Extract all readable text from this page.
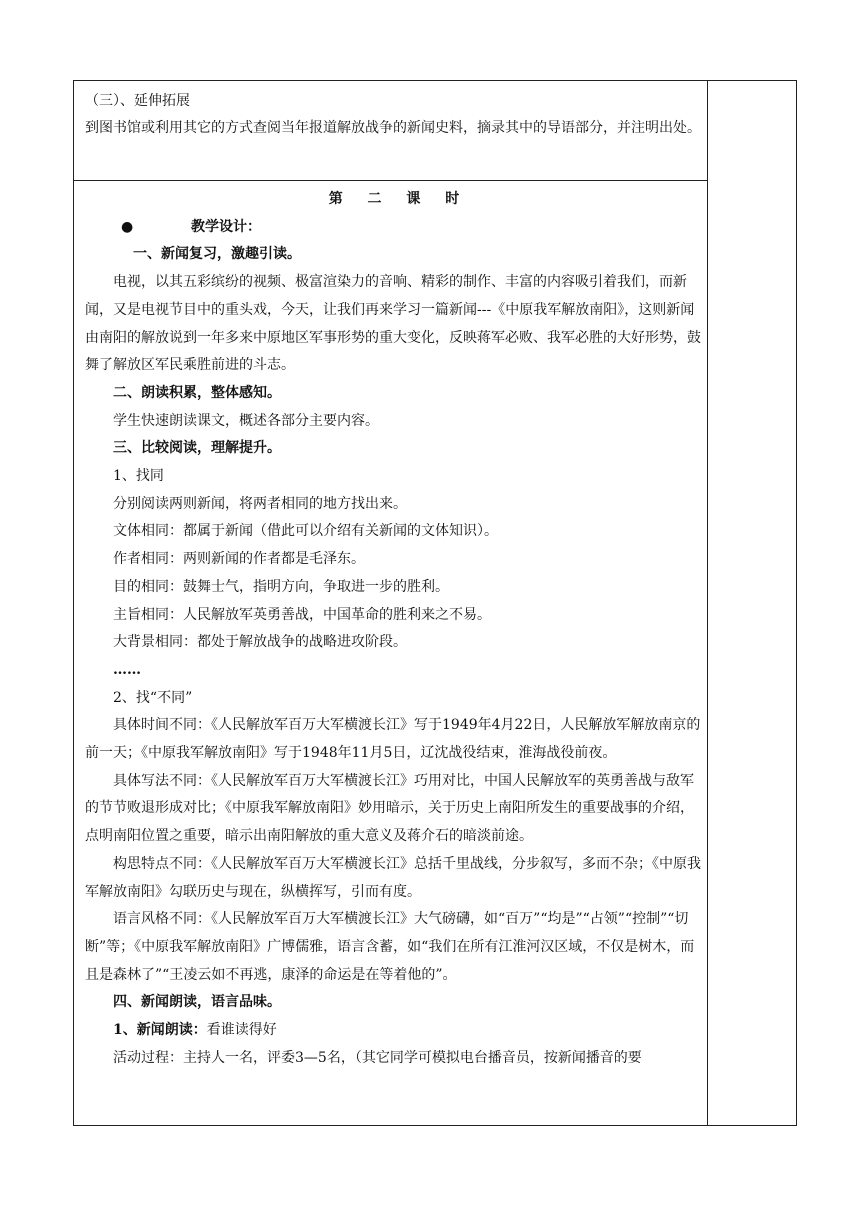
（三）、延伸拓展

到图书馆或利用其它的方式查阅当年报道解放战争的新闻史料，摘录其中的导语部分，并注明出处。

第 二 课 时

●	教学设计：

一、新闻复习，激趣引读。

电视，以其五彩缤纷的视频、极富渲染力的音响、精彩的制作、丰富的内容吸引着我们，而新闻，又是电视节目中的重头戏，今天，让我们再来学习一篇新闻---《中原我军解放南阳》，这则新闻由南阳的解放说到一年多来中原地区军事形势的重大变化，反映蒋军必败、我军必胜的大好形势，鼓舞了解放区军民乘胜前进的斗志。

二、朗读积累，整体感知。

学生快速朗读课文，概述各部分主要内容。

三、比较阅读，理解提升。

1、找同

分别阅读两则新闻，将两者相同的地方找出来。

文体相同：都属于新闻（借此可以介绍有关新闻的文体知识）。

作者相同：两则新闻的作者都是毛泽东。

目的相同：鼓舞士气，指明方向，争取进一步的胜利。

主旨相同：人民解放军英勇善战，中国革命的胜利来之不易。

大背景相同：都处于解放战争的战略进攻阶段。

……

2、找“不同”

具体时间不同：《人民解放军百万大军横渡长江》写于1949年4月22日，人民解放军解放南京的前一天；《中原我军解放南阳》写于1948年11月5日，辽沈战役结束，淮海战役前夜。

具体写法不同：《人民解放军百万大军横渡长江》巧用对比，中国人民解放军的英勇善战与敌军的节节败退形成对比；《中原我军解放南阳》妙用暗示，关于历史上南阳所发生的重要战事的介绍，点明南阳位置之重要，暗示出南阳解放的重大意义及蒋介石的暗淡前途。

构思特点不同：《人民解放军百万大军横渡长江》总括千里战线，分步叙写，多而不杂；《中原我军解放南阳》勾联历史与现在，纵横挥写，引而有度。

语言风格不同：《人民解放军百万大军横渡长江》大气磅礴，如“百万”“均是”“占领”“控制”“切断”等；《中原我军解放南阳》广博儒雅，语言含蓄，如“我们在所有江淮河汉区域，不仅是树木，而且是森林了”“王凌云如不再逃，康泽的命运是在等着他的”。

四、新闻朗读，语言品味。

1、新闻朗读：看谁读得好

活动过程：主持人一名，评委3—5名，（其它同学可模拟电台播音员，按新闻播音的要
